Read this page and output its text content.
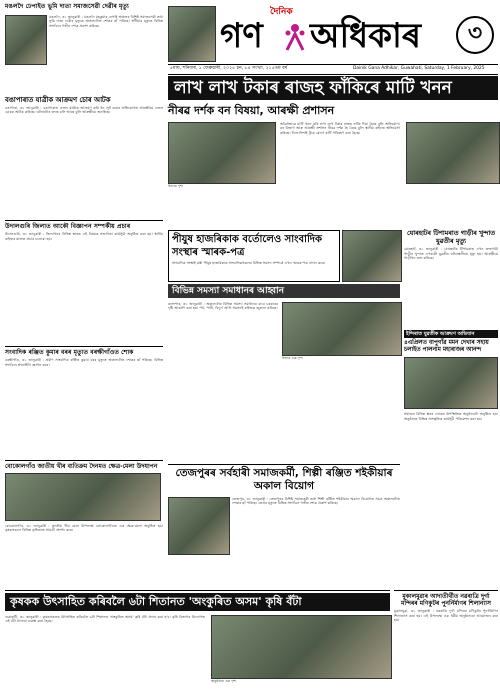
মঙলদৈ ঢেপাইত ভুমি দাতা সমাজসেৱী দেৱীৰ মৃত্যু
মঙলদৈ, ৩১ জানুৱাৰী : মঙলদৈ মহকুমাৰ ঢেপাই অঞ্চলৰ বিশিষ্ট সমাজসেৱী তথা ভুমি দাতা দেৱীৰ মৃত্যুত অঞ্চলটোত শোকৰ ছাঁ পৰিছে। স্বৰ্গীয়াৰ মৃত্যুত বিভিন্ন সংগঠনে গভীৰ শোক প্ৰকাশ কৰিছে।
দৈনিক
গণ অধিকাৰ	৩
৫মাঘ, শনিবাৰ, ১ ফেব্ৰুৱাৰী, ২০২৫ চন, ৮৪ সংখ্যা, ২১৫তম বৰ্ষ	Dainik Gana Adhikar, Guwahati, Saturday, 1 February, 2025
বঙাপাৰাত যাত্ৰীক আক্ৰমণ চোৰ আটক
বঙাপাৰা, ৩১ জানুৱাৰী : বঙাপাৰাত এজন যাত্ৰীক আক্ৰমণ কৰি ধন লুট কৰাৰ অভিযোগত আৰক্ষীয়ে এজন চোৰক আটক কৰিছে। ঘটনাটোৰ তদন্ত চলি আছে বুলি আৰক্ষীয়ে জনাইছে।
উদালগুৰি জিলাত আকৌ বিজ্ঞাপন সম্পৰ্কীয় প্ৰচাৰ
উদালগুৰি, ৩১ জানুৱাৰী : জিলাখনৰ বিভিন্ন স্থানত এই বিষয়ক সজাগতা কাৰ্যসূচী অনুষ্ঠিত কৰা হয়। স্থানীয় ৰাইজৰ মাজত প্ৰচাৰ চলোৱা হয়।
সংবাদিক ৰঞ্জিত কুমাৰ বৰৰ মৃত্যুত বৰক্ষীগাঁওত শোক
বৰক্ষীগাঁও, ৩১ জানুৱাৰী : প্ৰবীণ সাংবাদিক ৰঞ্জিত কুমাৰ বৰৰ মৃত্যুত অঞ্চলটোত শোকৰ ছাঁ পৰিছে। বিভিন্ন সংগঠনে শ্ৰদ্ধাঞ্জলি জ্ঞাপন কৰে।
বোকোলগাঁও জাতীয় খীৰ ব্যতিক্ৰম দৈনমত ক্ষেত্ৰ-মেলা উদযাপন
বোকোলগাঁও, ৩১ জানুৱাৰী : জাতীয় খীৰ মেলা উপলক্ষে বোকোলগাঁওত এক ক্ষেত্ৰ-মেলা অনুষ্ঠিত হয়। কৃষকসকলে বিভিন্ন কৃষিজাত সামগ্ৰী প্ৰদৰ্শন কৰে।
লাখ লাখ টকাৰ ৰাজহ ফাঁকিৰে মাটি খনন
নীৰৱ দৰ্শক বন বিষয়া, আৰক্ষী প্ৰশাসন
খননৰ দৃশ্য
অৱৈধভাৱে মাটি খনন কৰি লাখ লাখ টকাৰ ৰাজহ ফাঁকি দিয়া হৈছে বুলি অভিযোগ। বন বিভাগ আৰু আৰক্ষী প্ৰশাসন নীৰৱ দৰ্শক হৈ ৰৈছে বুলি স্থানীয় ৰাইজে অভিযোগ কৰিছে। দিনে-নিশাই ট্ৰাক যোগে মাটি পৰিবহণ কৰা হৈছে।
পীযুষ হাজৰিকাক বৰ্তোলেও সাংবাদিক সংস্থাৰ স্মাৰক-পত্ৰ
সাংবাদিক সংস্থাই মন্ত্ৰী পীযুষ হাজৰিকাক সাংবাদিকসকলৰ বিভিন্ন সমস্যা সম্পৰ্কে এখন স্মাৰক-পত্ৰ প্ৰদান কৰে।
বিভিন্ন সমস্যা সমাধানৰ আহ্বান
কলংপাৰ, ৩১ জানুৱাৰী : অঞ্চলটোৰ বিভিন্ন সমস্যা সমাধানৰ বাবে চৰকাৰৰ দৃষ্টি আকৰ্ষণ কৰা হয়। পথ, পানী, বিদ্যুৎ আদি সমস্যাই ৰাইজক জুৰুলা কৰিছে।
সভাৰ এক দৃশ্য
যোৰহাটৰ টিপামৰাত গাড়ীৰ খুন্দাত যুৱতীৰ মৃত্যু
যোৰহাট, ৩১ জানুৱাৰী : যোৰহাটৰ টিপামৰাত এখন দ্ৰুতগামী গাড়ীৰ খুন্দাত এগৰাকী যুৱতীৰ ঘটনাস্থলীতে মৃত্যু হয়। আৰক্ষীয়ে গাড়ীখন জব্দ কৰিছে।
ইন্দিৰাত যুৱতীক আক্ৰমণ অভিযান
৪এপ্ৰিলত বাপুগাঁৱ মমন দেখাৰ সহায় চলাইত পালনাম মহাৰাজৰ আনন্দ
সমাজৰ বিভিন্ন স্তৰৰ লোকৰ উপস্থিতিত অনুষ্ঠানটো অনুষ্ঠিত হয়। অনুষ্ঠানত বিভিন্ন সাংস্কৃতিক কাৰ্যসূচী পৰিৱেশন কৰা হয়।
তেজপুৰৰ সৰ্বহাৰী সমাজকৰ্মী, শিল্পী ৰঞ্জিত শইকীয়াৰ অকাল বিয়োগ
তেজপুৰ, ৩১ জানুৱাৰী : তেজপুৰৰ বিশিষ্ট সমাজকৰ্মী তথা শিল্পী ৰঞ্জিত শইকীয়াৰ অকাল বিয়োগত সমগ্ৰ অঞ্চলটোত শোকৰ ছাঁ পৰিছে। তেওঁৰ মৃত্যুত বিভিন্ন সংগঠনে গভীৰ শোক প্ৰকাশ কৰিছে।
কৃষকক উৎসাহিত কৰিবলৈ ৬টা শিতানত 'অংকুৰিত অসম' কৃষি বঁটা
গুৱাহাটী, ৩১ জানুৱাৰী : কৃষকসকলক উৎসাহিত কৰিবলৈ ৬টা শিতানত 'অংকুৰিত অসম' কৃষি বঁটা প্ৰদান কৰা হ'ব। কৃষি বিভাগৰ উদ্যোগত এই বঁটা প্ৰদানৰ ব্যৱস্থা কৰা হৈছে।
অনুষ্ঠানৰ এক দৃশ্য
মুকালমুৱাৰ আদাতীৰ্থীত নৱৰাত্ৰি দুৰ্গা মন্দিৰৰ মণিকুটৰ পুনৰ্নিৰ্মাণৰ শিলান্যাস
মুকালমুৱা, ৩১ জানুৱাৰী : নৱৰাত্ৰি দুৰ্গা মন্দিৰৰ মণিকুটৰ পুনৰ্নিৰ্মাণৰ শিলান্যাস কৰা হয়। এই উপলক্ষে এক ধৰ্মীয় অনুষ্ঠানৰো আয়োজন কৰা হয়।
